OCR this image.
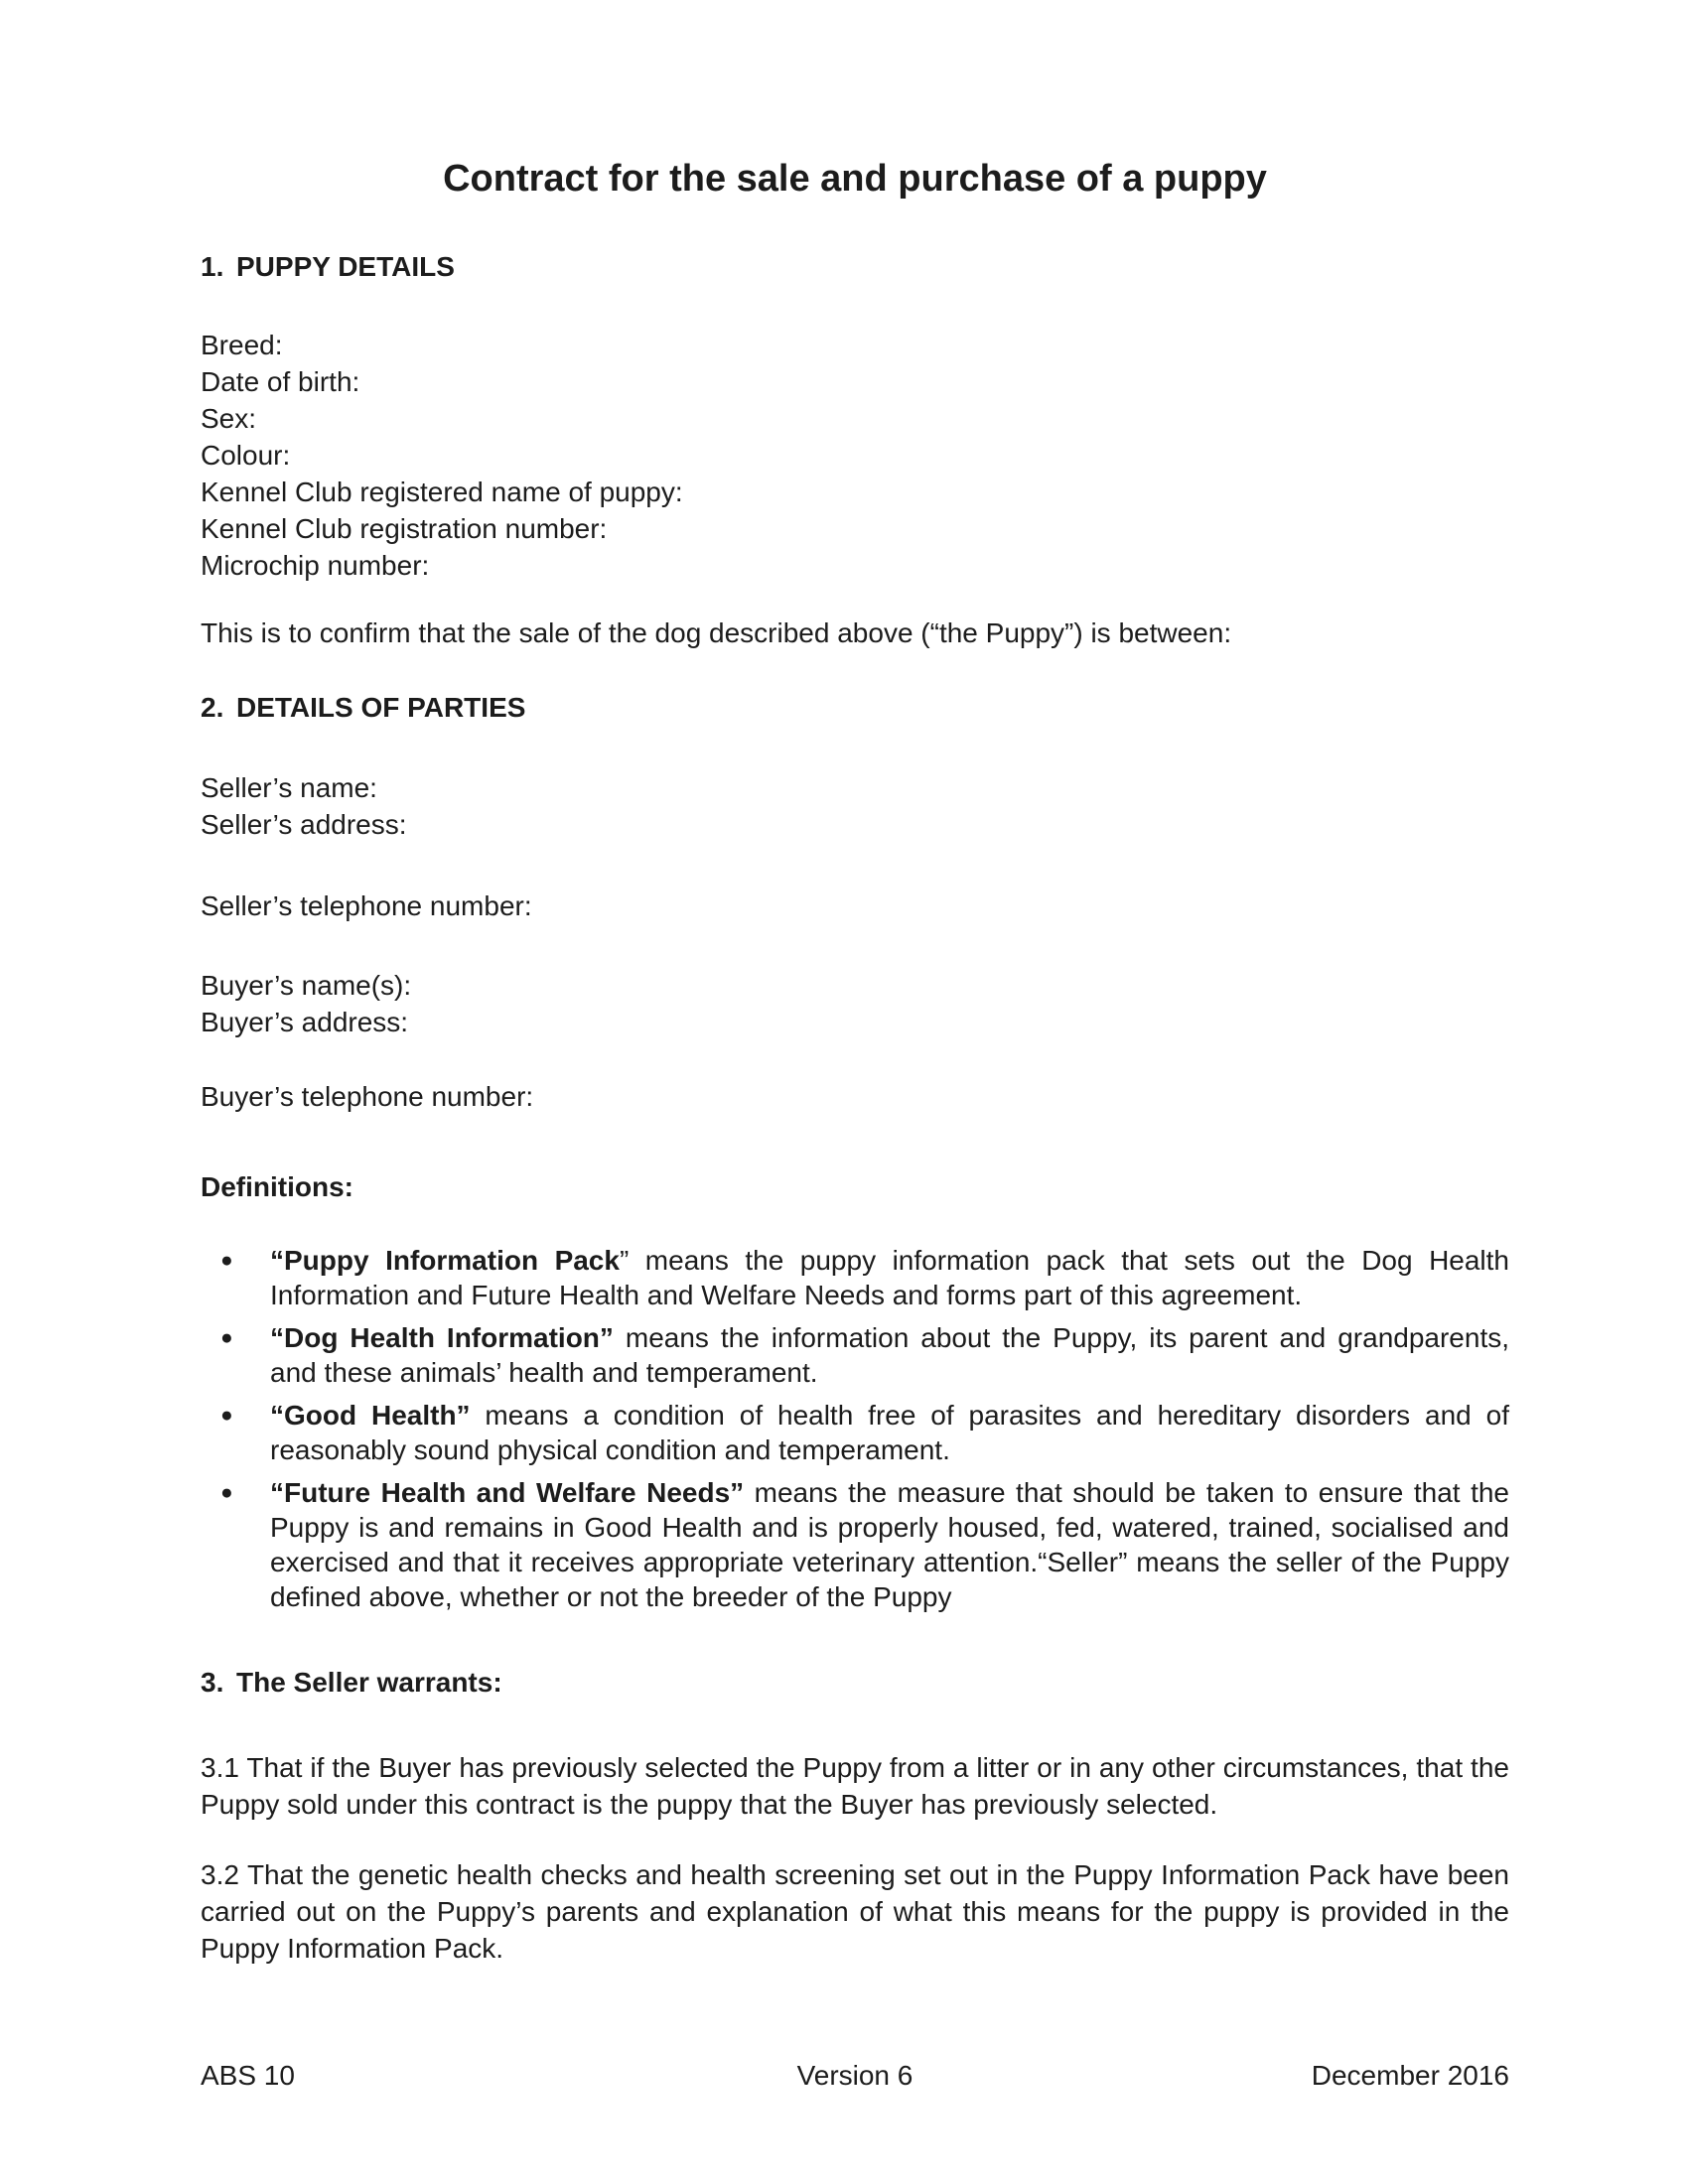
Contract for the sale and purchase of a puppy
1. PUPPY DETAILS
Breed:
Date of birth:
Sex:
Colour:
Kennel Club registered name of puppy:
Kennel Club registration number:
Microchip number:
This is to confirm that the sale of the dog described above (“the Puppy”) is between:
2. DETAILS OF PARTIES
Seller’s name:
Seller’s address:
Seller’s telephone number:
Buyer’s name(s):
Buyer’s address:
Buyer’s telephone number:
Definitions:
●	“Puppy Information Pack” means the puppy information pack that sets out the Dog Health Information and Future Health and Welfare Needs and forms part of this agreement.
●	“Dog Health Information” means the information about the Puppy, its parent and grandparents, and these animals’ health and temperament.
●	“Good Health” means a condition of health free of parasites and hereditary disorders and of reasonably sound physical condition and temperament.
●	“Future Health and Welfare Needs” means the measure that should be taken to ensure that the Puppy is and remains in Good Health and is properly housed, fed, watered, trained, socialised and exercised and that it receives appropriate veterinary attention.“Seller” means the seller of the Puppy defined above, whether or not the breeder of the Puppy
3. The Seller warrants:

3.1 That if the Buyer has previously selected the Puppy from a litter or in any other circumstances, that the Puppy sold under this contract is the puppy that the Buyer has previously selected.

3.2 That the genetic health checks and health screening set out in the Puppy Information Pack have been carried out on the Puppy’s parents and explanation of what this means for the puppy is provided in the Puppy Information Pack.

ABS 10	Version 6	December 2016
